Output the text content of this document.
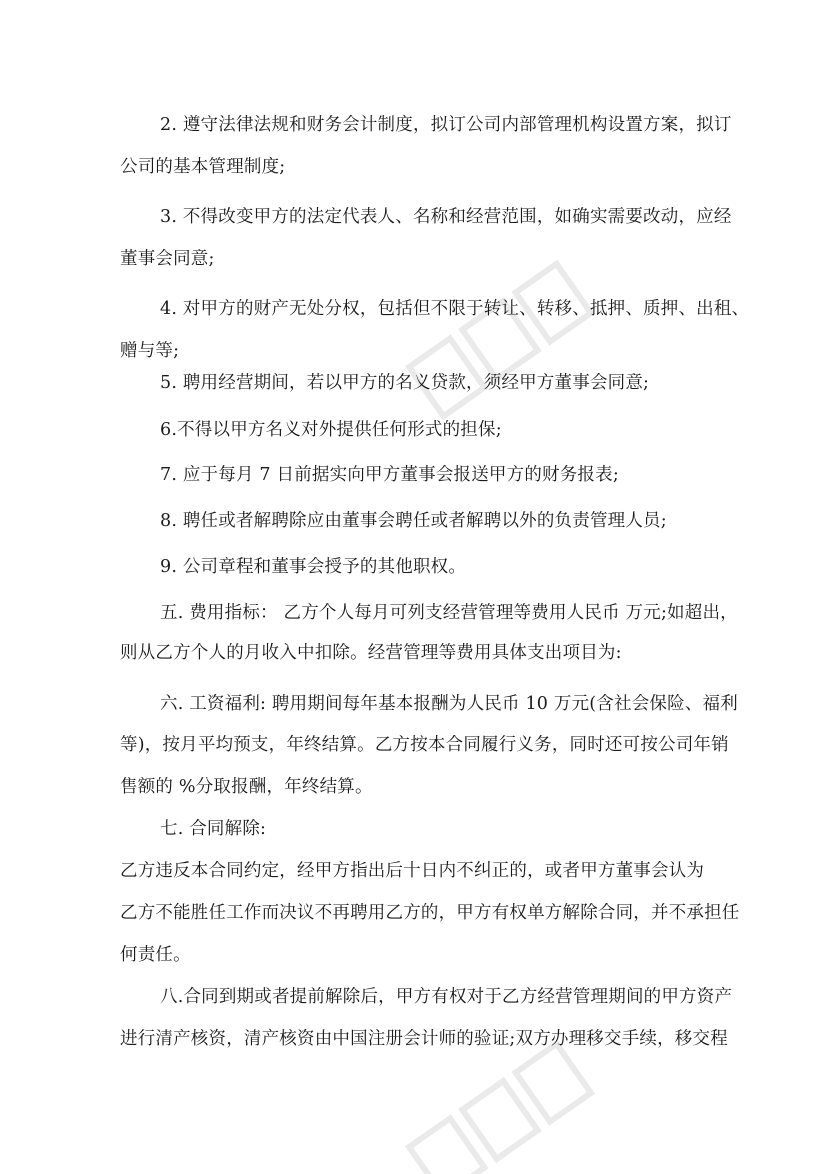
2. 遵守法律法规和财务会计制度，拟订公司内部管理机构设置方案，拟订
公司的基本管理制度;
3. 不得改变甲方的法定代表人、名称和经营范围，如确实需要改动，应经
董事会同意;
4. 对甲方的财产无处分权，包括但不限于转让、转移、抵押、质押、出租、
赠与等;
5. 聘用经营期间，若以甲方的名义贷款，须经甲方董事会同意;
6.不得以甲方名义对外提供任何形式的担保;
7. 应于每月 7 日前据实向甲方董事会报送甲方的财务报表;
8. 聘任或者解聘除应由董事会聘任或者解聘以外的负责管理人员;
9. 公司章程和董事会授予的其他职权。
五. 费用指标： 乙方个人每月可列支经营管理等费用人民币 万元;如超出，
则从乙方个人的月收入中扣除。经营管理等费用具体支出项目为:
六. 工资福利: 聘用期间每年基本报酬为人民币 10 万元(含社会保险、福利
等)，按月平均预支，年终结算。乙方按本合同履行义务，同时还可按公司年销
售额的 %分取报酬，年终结算。
七. 合同解除:
乙方违反本合同约定，经甲方指出后十日内不纠正的，或者甲方董事会认为
乙方不能胜任工作而决议不再聘用乙方的，甲方有权单方解除合同，并不承担任
何责任。
八.合同到期或者提前解除后，甲方有权对于乙方经营管理期间的甲方资产
进行清产核资，清产核资由中国注册会计师的验证;双方办理移交手续，移交程
